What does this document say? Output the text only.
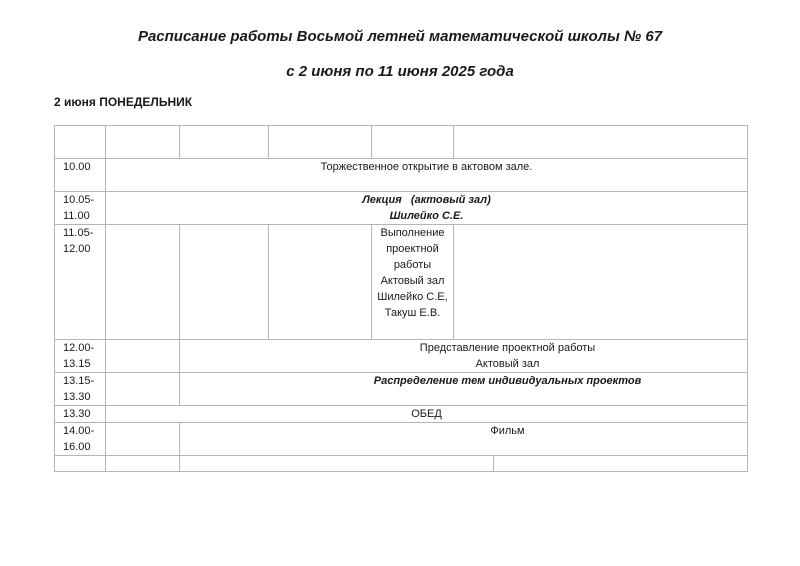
Расписание работы Восьмой летней математической школы № 67

с 2 июня по 11 июня 2025 года

2 июня ПОНЕДЕЛЬНИК

10.00	Торжественное открытие в актовом зале.					

10.05-
11.00	Лекция   (актовый зал)
Шилейко С.Е.					

11.05-
12.00				Выполнение проектной работы Актовый зал Шилейко С.Е, Такуш Е.В.		

12.00-
13.15		Представление проектной работы
Актовый зал				

13.15-
13.30		Распределение тем индивидуальных проектов				
13.30	ОБЕД					

14.00-
16.00		Фильм				
